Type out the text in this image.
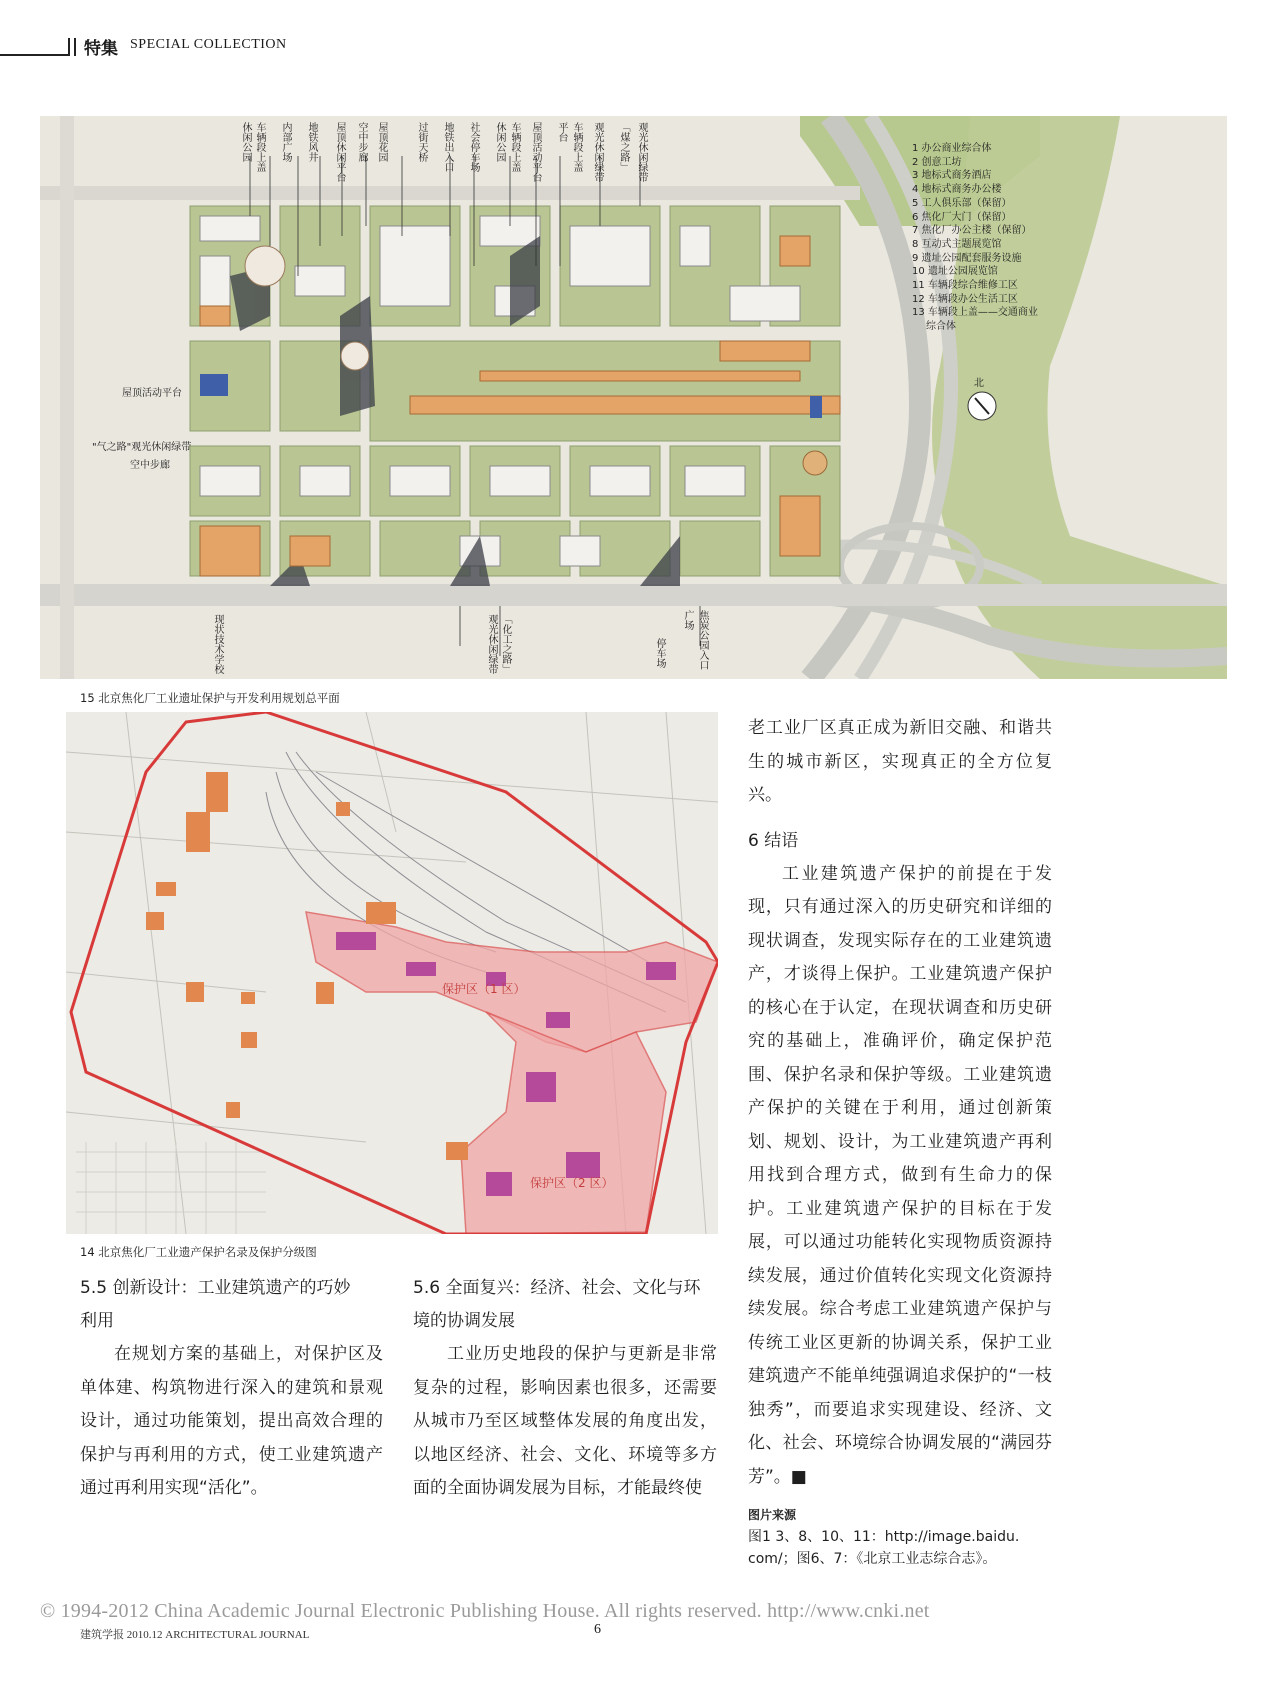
特集 SPECIAL COLLECTION
休闲公园 车辆段上盖 内部广场 地铁风井 屋顶休闲平台 空中步廊 屋顶花园	过街天桥 地铁出入口 社会停车场	车辆段上盖休闲公园	屋顶活动平台	车辆段上盖平台	观光休闲绿带 「煤之路」 观光休闲绿带
屋顶活动平台
"气之路"观光休闲绿带
空中步廊
现状技术学校	「化工之路」
观光休闲绿带	焦炭公园入口广场
停车场
北
1 办公商业综合体
2 创意工坊
3 地标式商务酒店
4 地标式商务办公楼
5 工人俱乐部（保留）
6 焦化厂大门（保留）
7 焦化厂办公主楼（保留）
8 互动式主题展览馆
9 遗址公园配套服务设施
10 遗址公园展览馆
11 车辆段综合维修工区
12 车辆段办公生活工区
13 车辆段上盖——交通商业
综合体
15 北京焦化厂工业遗址保护与开发利用规划总平面
保护区（1 区）
保护区（2 区）
14 北京焦化厂工业遗产保护名录及保护分级图
5.5 创新设计：工业建筑遗产的巧妙
利用

在规划方案的基础上，对保护区及单体建、构筑物进行深入的建筑和景观设计，通过功能策划，提出高效合理的保护与再利用的方式，使工业建筑遗产通过再利用实现“活化”。

5.6 全面复兴：经济、社会、文化与环
境的协调发展

工业历史地段的保护与更新是非常复杂的过程，影响因素也很多，还需要从城市乃至区域整体发展的角度出发，以地区经济、社会、文化、环境等多方面的全面协调发展为目标，才能最终使

老工业厂区真正成为新旧交融、和谐共生的城市新区，实现真正的全方位复兴。

6 结语

工业建筑遗产保护的前提在于发现，只有通过深入的历史研究和详细的现状调查，发现实际存在的工业建筑遗产，才谈得上保护。工业建筑遗产保护的核心在于认定，在现状调查和历史研究的基础上，准确评价，确定保护范围、保护名录和保护等级。工业建筑遗产保护的关键在于利用，通过创新策划、规划、设计，为工业建筑遗产再利用找到合理方式，做到有生命力的保护。工业建筑遗产保护的目标在于发展，可以通过功能转化实现物质资源持续发展，通过价值转化实现文化资源持续发展。综合考虑工业建筑遗产保护与传统工业区更新的协调关系，保护工业建筑遗产不能单纯强调追求保护的“一枝独秀”，而要追求实现建设、经济、文化、社会、环境综合协调发展的“满园芬芳”。■

图片来源
图1 3、8、10、11：http://image.baidu.
com/；图6、7：《北京工业志综合志》。
© 1994-2012 China Academic Journal Electronic Publishing House. All rights reserved. http://www.cnki.net
建筑学报 2010.12 ARCHITECTURAL JOURNAL	6
